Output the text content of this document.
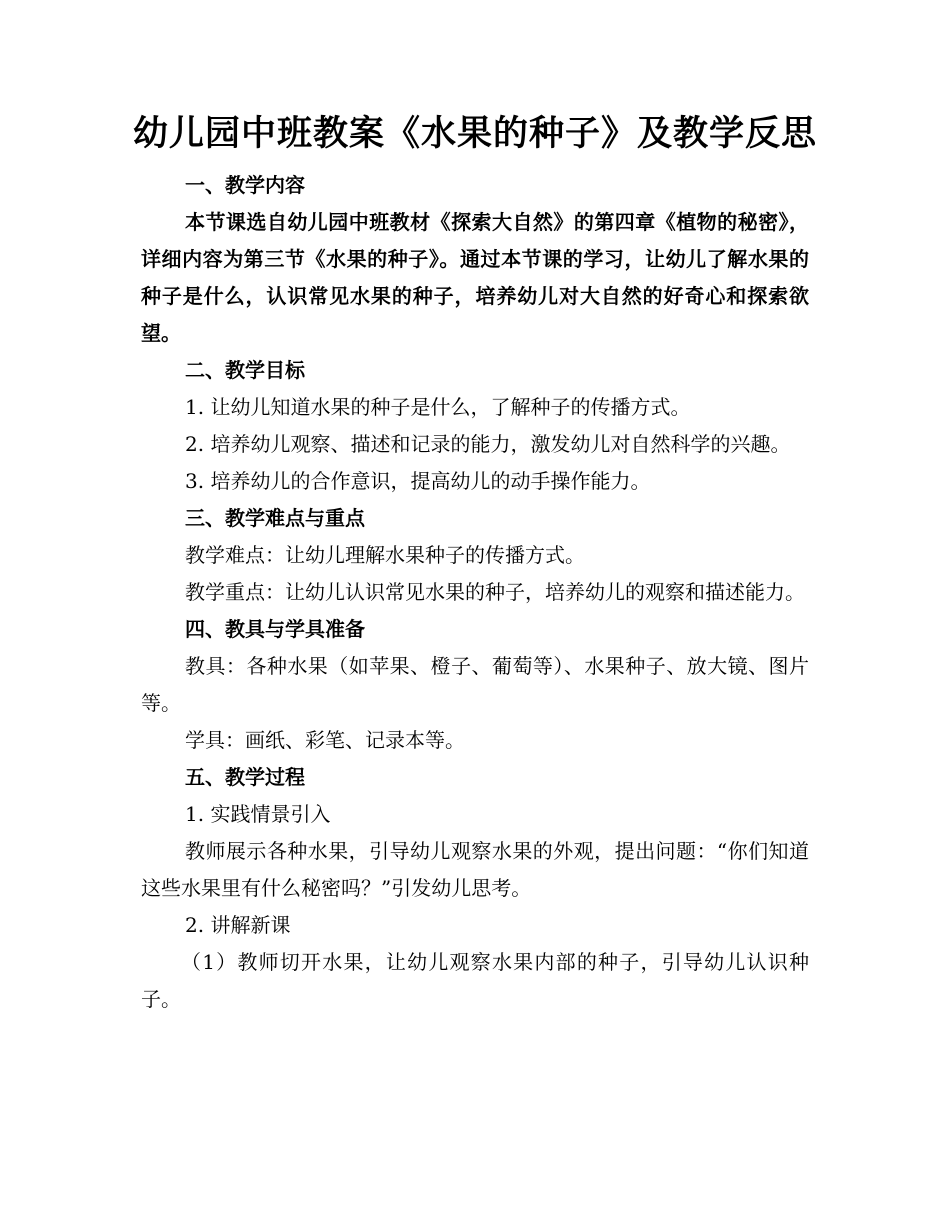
幼儿园中班教案《水果的种子》及教学反思

一、教学内容

本节课选自幼儿园中班教材《探索大自然》的第四章《植物的秘密》，详细内容为第三节《水果的种子》。通过本节课的学习，让幼儿了解水果的种子是什么，认识常见水果的种子，培养幼儿对大自然的好奇心和探索欲望。

二、教学目标

1. 让幼儿知道水果的种子是什么，了解种子的传播方式。

2. 培养幼儿观察、描述和记录的能力，激发幼儿对自然科学的兴趣。

3. 培养幼儿的合作意识，提高幼儿的动手操作能力。

三、教学难点与重点

教学难点：让幼儿理解水果种子的传播方式。

教学重点：让幼儿认识常见水果的种子，培养幼儿的观察和描述能力。

四、教具与学具准备

教具：各种水果（如苹果、橙子、葡萄等）、水果种子、放大镜、图片等。

学具：画纸、彩笔、记录本等。

五、教学过程

1. 实践情景引入

教师展示各种水果，引导幼儿观察水果的外观，提出问题：“你们知道这些水果里有什么秘密吗？”引发幼儿思考。

2. 讲解新课

（1）教师切开水果，让幼儿观察水果内部的种子，引导幼儿认识种子。
